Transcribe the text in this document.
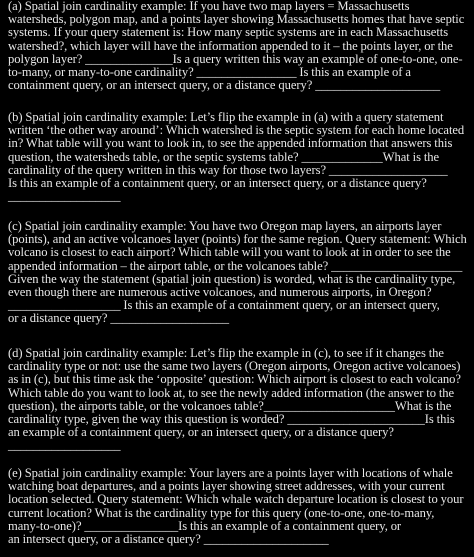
(a) Spatial join cardinality example: If you have two map layers = Massachusetts
watersheds, polygon map, and a points layer showing Massachusetts homes that have septic
systems. If your query statement is: How many septic systems are in each Massachusetts
watershed?, which layer will have the information appended to it – the points layer, or the
polygon layer? ______________Is a query written this way an example of one-to-one, one-
to-many, or many-to-one cardinality? ________________ Is this an example of a
containment query, or an intersect query, or a distance query? ____________________
(b) Spatial join cardinality example: Let’s flip the example in (a) with a query statement
written ‘the other way around’: Which watershed is the septic system for each home located
in? What table will you want to look in, to see the appended information that answers this
question, the watersheds table, or the septic systems table? _____________What is the
cardinality of the query written in this way for those two layers? ___________________
Is this an example of a containment query, or an intersect query, or a distance query?
__________________
(c) Spatial join cardinality example: You have two Oregon map layers, an airports layer
(points), and an active volcanoes layer (points) for the same region. Query statement: Which
volcano is closest to each airport? Which table will you want to look at in order to see the
appended information – the airport table, or the volcanoes table? _____________________
Given the way the statement (spatial join question) is worded, what is the cardinality type,
even though there are numerous active volcanoes, and numerous airports, in Oregon?
__________________ Is this an example of a containment query, or an intersect query,
or a distance query? ___________________
(d) Spatial join cardinality example: Let’s flip the example in (c), to see if it changes the
cardinality type or not: use the same two layers (Oregon airports, Oregon active volcanoes)
as in (c), but this time ask the ‘opposite’ question: Which airport is closest to each volcano?
Which table do you want to look at, to see the newly added information (the answer to the
question), the airports table, or the volcanoes table?_____________________What is the
cardinality type, given the way this question is worded? ______________________Is this
an example of a containment query, or an intersect query, or a distance query?
__________________
(e) Spatial join cardinality example: Your layers are a points layer with locations of whale
watching boat departures, and a points layer showing street addresses, with your current
location selected. Query statement: Which whale watch departure location is closest to your
current location? What is the cardinality type for this query (one-to-one, one-to-many,
many-to-one)? _______________Is this an example of a containment query, or
an intersect query, or a distance query? ____________________
